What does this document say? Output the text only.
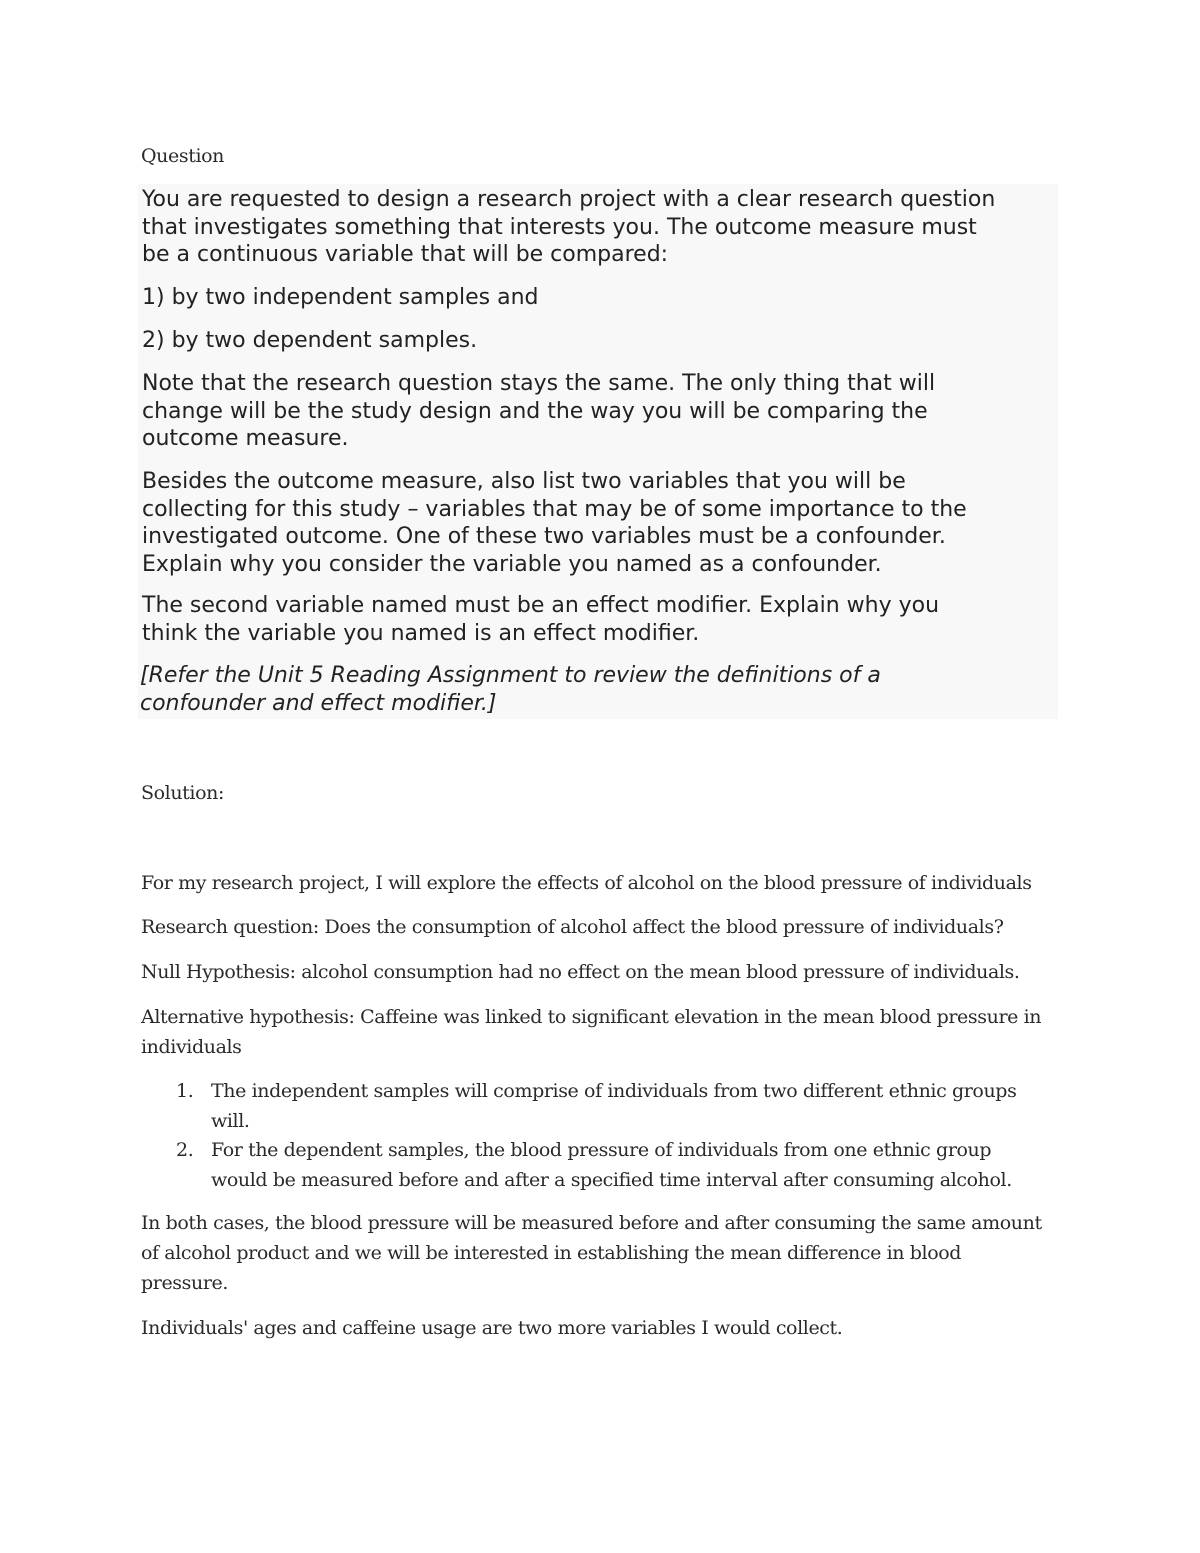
Question

You are requested to design a research project with a clear research question
that investigates something that interests you. The outcome measure must
be a continuous variable that will be compared:

1) by two independent samples and

2) by two dependent samples.

Note that the research question stays the same. The only thing that will
change will be the study design and the way you will be comparing the
outcome measure.

Besides the outcome measure, also list two variables that you will be
collecting for this study – variables that may be of some importance to the
investigated outcome. One of these two variables must be a confounder.
Explain why you consider the variable you named as a confounder.

The second variable named must be an effect modifier. Explain why you
think the variable you named is an effect modifier.

[Refer the Unit 5 Reading Assignment to review the definitions of a
confounder and effect modifier.]

Solution:

For my research project, I will explore the effects of alcohol on the blood pressure of individuals

Research question: Does the consumption of alcohol affect the blood pressure of individuals?

Null Hypothesis: alcohol consumption had no effect on the mean blood pressure of individuals.

Alternative hypothesis: Caffeine was linked to significant elevation in the mean blood pressure in
individuals

1. The independent samples will comprise of individuals from two different ethnic groups
will.
2. For the dependent samples, the blood pressure of individuals from one ethnic group
would be measured before and after a specified time interval after consuming alcohol.

In both cases, the blood pressure will be measured before and after consuming the same amount
of alcohol product and we will be interested in establishing the mean difference in blood
pressure.

Individuals' ages and caffeine usage are two more variables I would collect.
